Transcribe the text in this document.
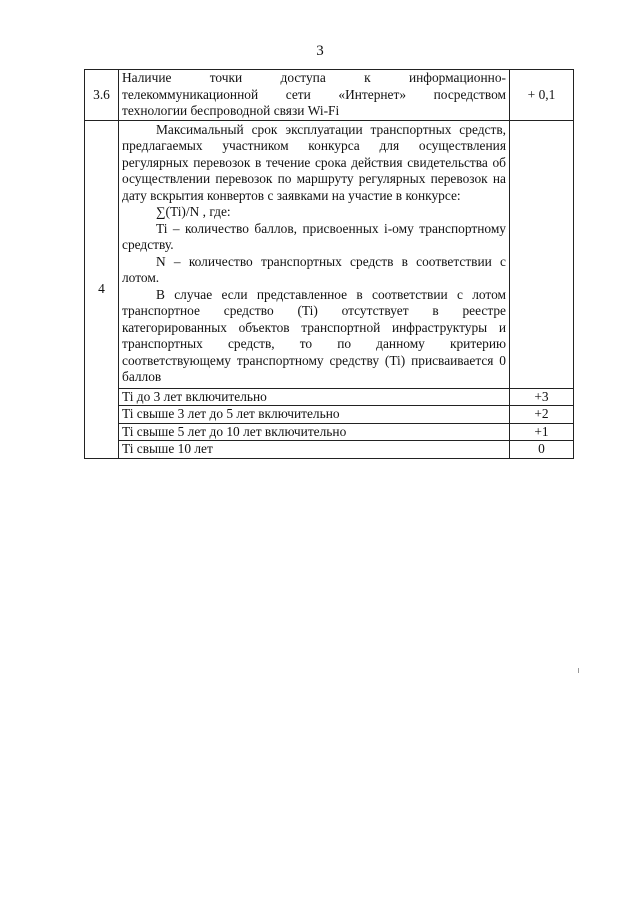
3
3.6	Наличие точки доступа к информационно-
телекоммуникационной сети «Интернет» посредством
технологии беспроводной связи Wi-Fi	+ 0,1
4	Максимальный срок эксплуатации транспортных средств, предлагаемых участником конкурса для осуществления регулярных перевозок в течение срока действия свидетельства об осуществлении перевозок по маршруту регулярных перевозок на дату вскрытия конвертов с заявками на участие в конкурсе:

∑(Ti)/N , где:

Ti – количество баллов, присвоенных i-ому транспортному средству.

N – количество транспортных средств в соответствии с лотом.

В случае если представленное в соответствии с лотом транспортное средство (Ti) отсутствует в реестре категорированных объектов транспортной инфраструктуры и транспортных средств, то по данному критерию соответствующему транспортному средству (Ti) присваивается 0 баллов	

	Ti до 3 лет включительно	+3
	Ti свыше 3 лет до 5 лет включительно	+2
	Ti свыше 5 лет до 10 лет включительно	+1
	Ti свыше 10 лет	0
